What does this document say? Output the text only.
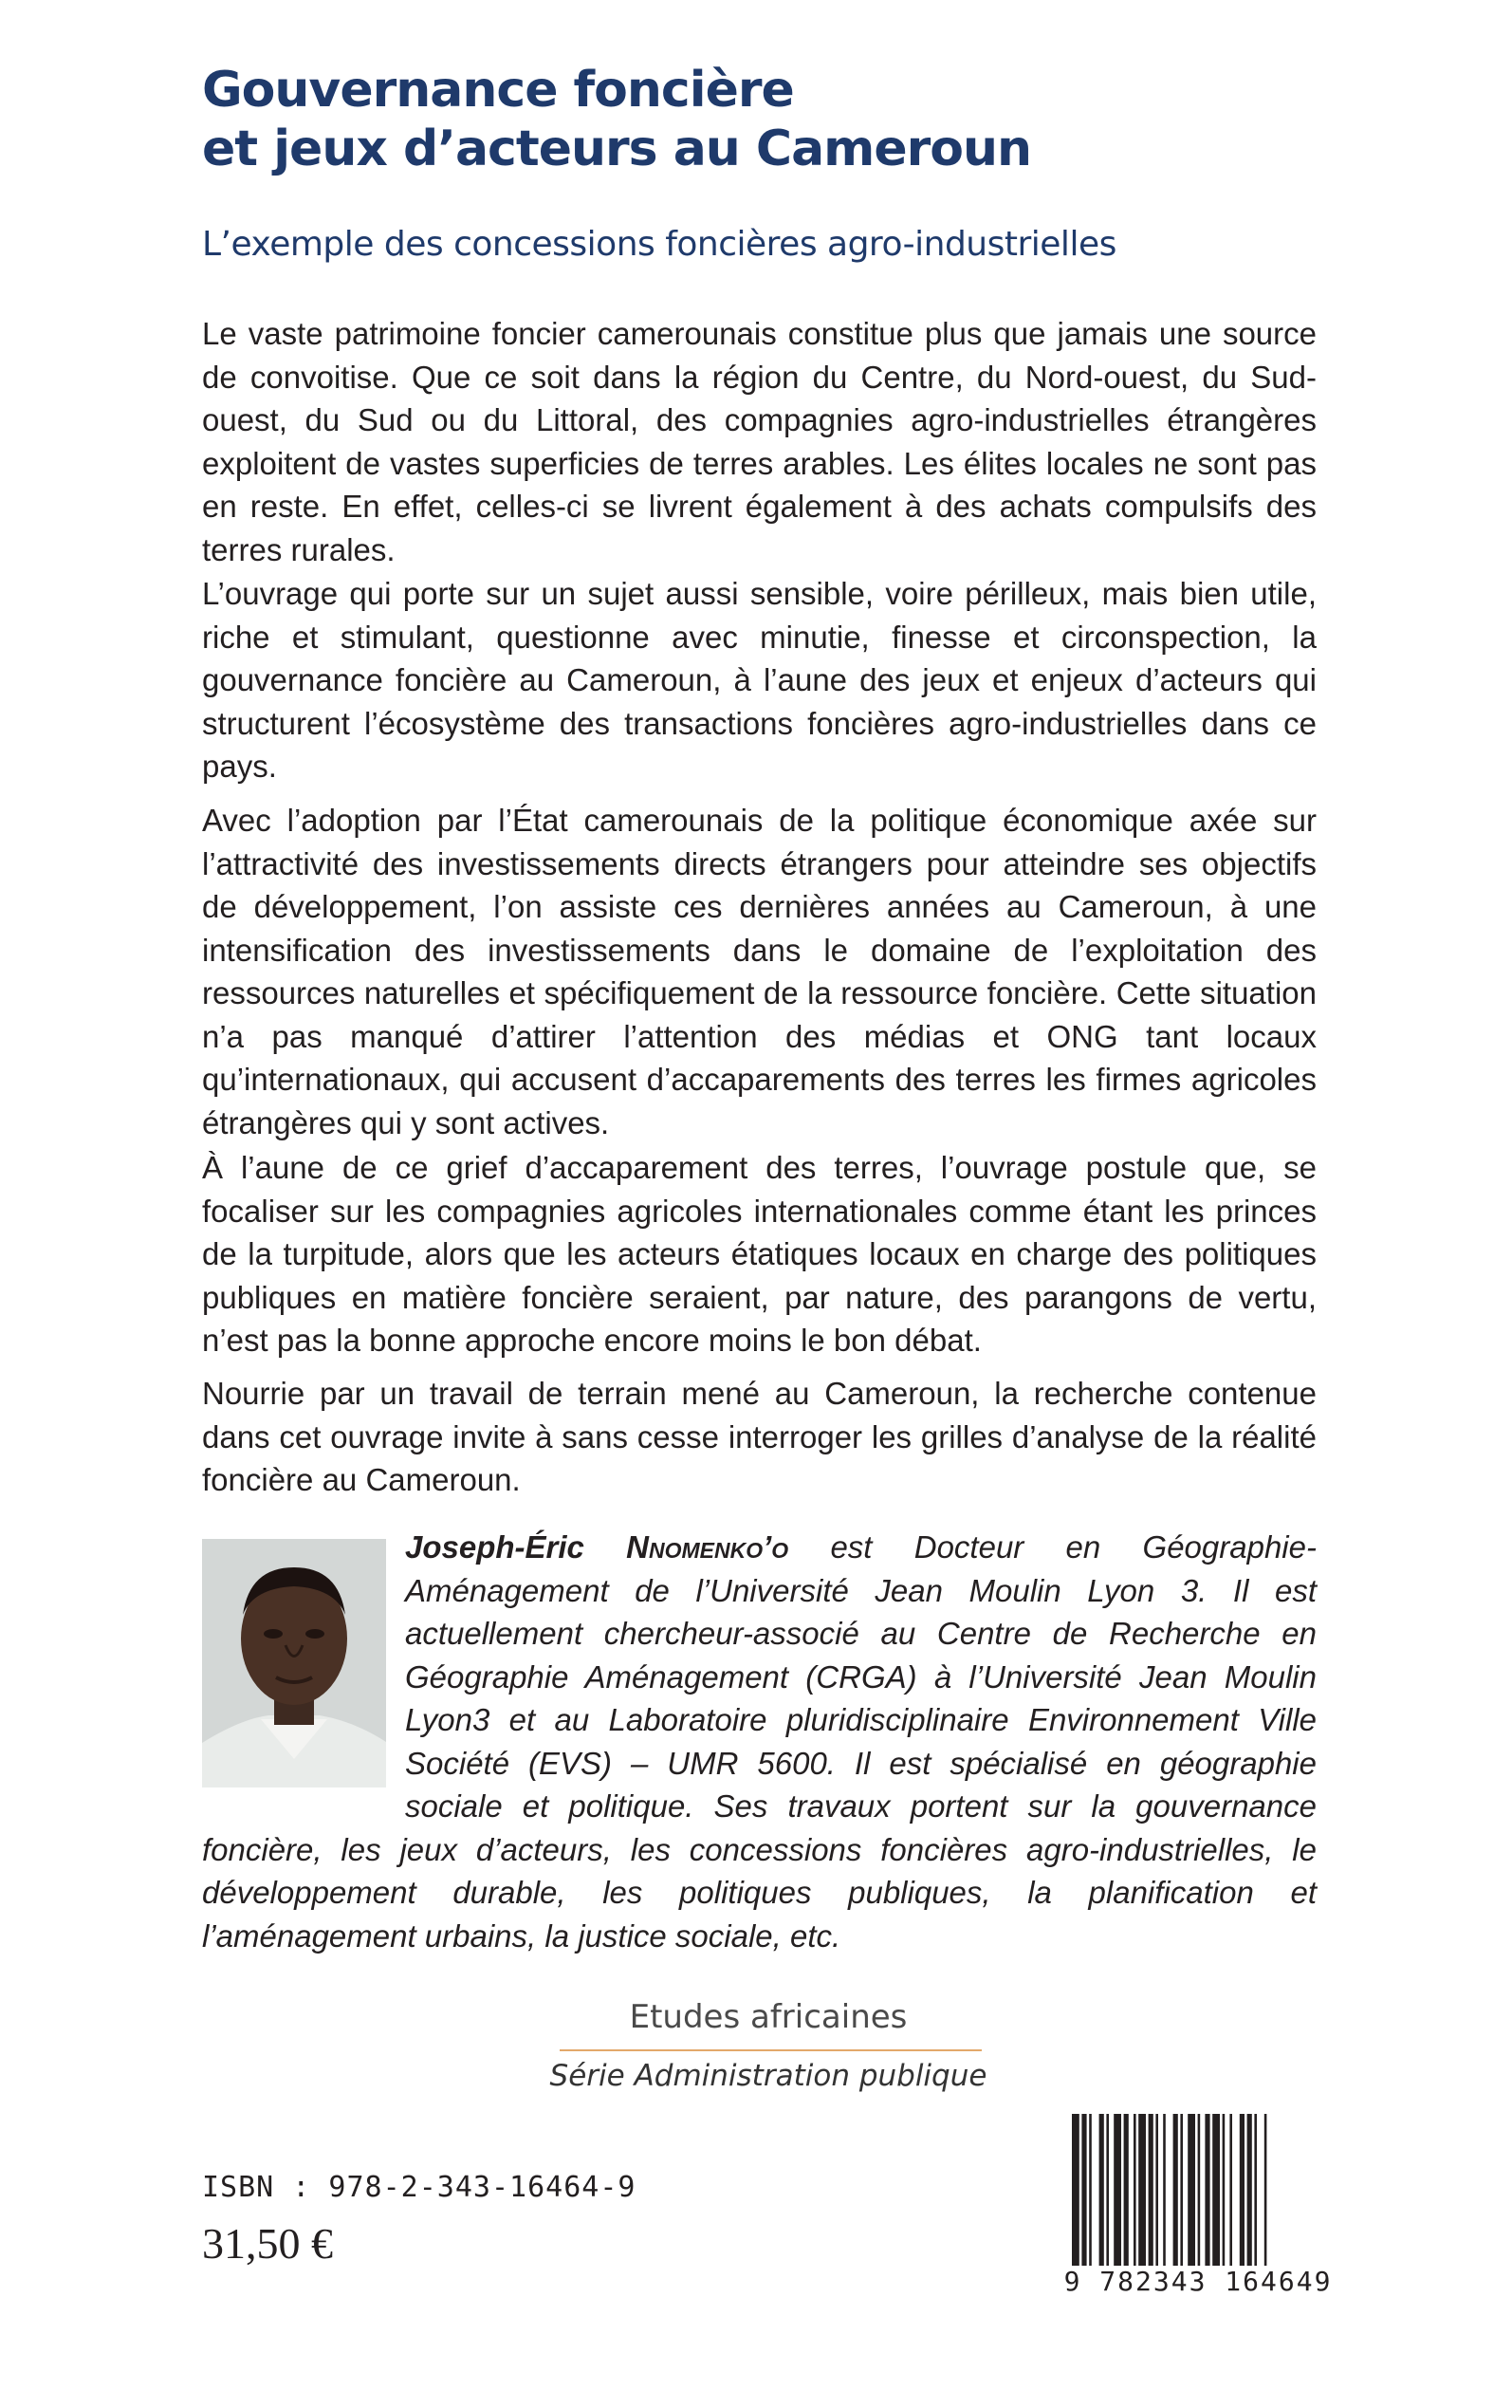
Gouvernance foncière
et jeux d’acteurs au Cameroun

L’exemple des concessions foncières agro-industrielles

Le vaste patrimoine foncier camerounais constitue plus que jamais une source de convoitise. Que ce soit dans la région du Centre, du Nord-ouest, du Sud-ouest, du Sud ou du Littoral, des compagnies agro-industrielles étrangères exploitent de vastes superficies de terres arables. Les élites locales ne sont pas en reste. En effet, celles-ci se livrent également à des achats compulsifs des terres rurales.

L’ouvrage qui porte sur un sujet aussi sensible, voire périlleux, mais bien utile, riche et stimulant, questionne avec minutie, finesse et circonspection, la gouvernance foncière au Cameroun, à l’aune des jeux et enjeux d’acteurs qui structurent l’écosystème des transactions foncières agro-industrielles dans ce pays.

Avec l’adoption par l’État camerounais de la politique économique axée sur l’attractivité des investissements directs étrangers pour atteindre ses objectifs de développement, l’on assiste ces dernières années au Cameroun, à une intensification des investissements dans le domaine de l’exploitation des ressources naturelles et spécifiquement de la ressource foncière. Cette situation n’a pas manqué d’attirer l’attention des médias et ONG tant locaux qu’internationaux, qui accusent d’accaparements des terres les firmes agricoles étrangères qui y sont actives.

À l’aune de ce grief d’accaparement des terres, l’ouvrage postule que, se focaliser sur les compagnies agricoles internationales comme étant les princes de la turpitude, alors que les acteurs étatiques locaux en charge des politiques publiques en matière foncière seraient, par nature, des parangons de vertu, n’est pas la bonne approche encore moins le bon débat.

Nourrie par un travail de terrain mené au Cameroun, la recherche contenue dans cet ouvrage invite à sans cesse interroger les grilles d’analyse de la réalité foncière au Cameroun.

Joseph-Éric Nnomenko’o est Docteur en Géographie-Aménagement de l’Université Jean Moulin Lyon 3. Il est actuellement chercheur-associé au Centre de Recherche en Géographie Aménagement (CRGA) à l’Université Jean Moulin Lyon3 et au Laboratoire pluridisciplinaire Environnement Ville Société (EVS) – UMR 5600. Il est spécialisé en géographie sociale et politique. Ses travaux portent sur la gouvernance foncière, les jeux d’acteurs, les concessions foncières agro-industrielles, le développement durable, les politiques publiques, la planification et l’aménagement urbains, la justice sociale, etc.
Etudes africaines
Série Administration publique
ISBN : 978-2-343-16464-9
31,50 €
9 782343 164649
